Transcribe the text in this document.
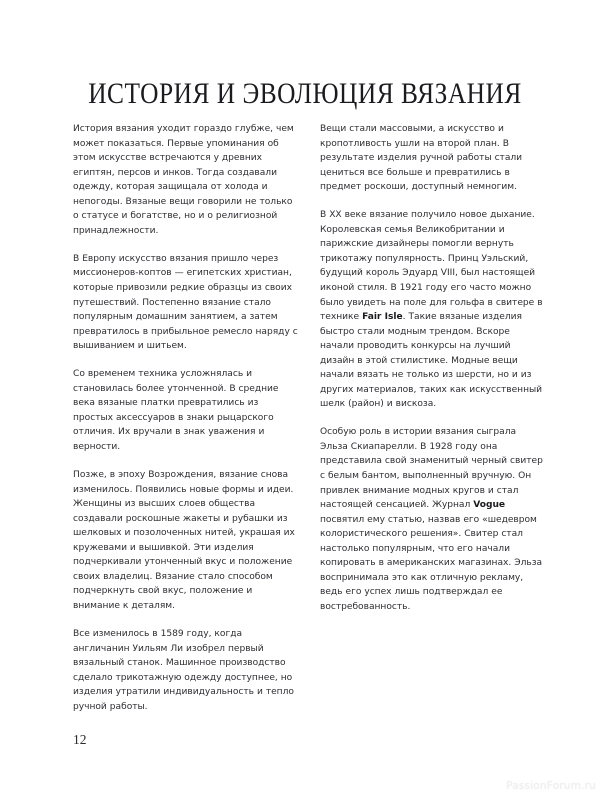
ИСТОРИЯ И ЭВОЛЮЦИЯ ВЯЗАНИЯ

История вязания уходит гораздо глубже, чем может показаться. Первые упоминания об этом искусстве встречаются у древних египтян, персов и инков. Тогда создавали одежду, которая защищала от холода и непогоды. Вязаные вещи говорили не только о статусе и богатстве, но и о религиозной принадлежности.

В Европу искусство вязания пришло через миссионеров-коптов — египетских христиан, которые привозили редкие образцы из своих путешествий. Постепенно вязание стало популярным домашним занятием, а затем превратилось в прибыльное ремесло наряду с вышиванием и шитьем.

Со временем техника усложнялась и становилась более утонченной. В средние века вязаные платки превратились из простых аксессуаров в знаки рыцарского отличия. Их вручали в знак уважения и верности.

Позже, в эпоху Возрождения, вязание снова изменилось. Появились новые формы и идеи. Женщины из высших слоев общества создавали роскошные жакеты и рубашки из шелковых и позолоченных нитей, украшая их кружевами и вышивкой. Эти изделия подчеркивали утонченный вкус и положение своих владелиц. Вязание стало способом подчеркнуть свой вкус, положение и внимание к деталям.

Все изменилось в 1589 году, когда англичанин Уильям Ли изобрел первый вязальный станок. Машинное производство сделало трикотажную одежду доступнее, но изделия утратили индивидуальность и тепло ручной работы.

Вещи стали массовыми, а искусство и кропотливость ушли на второй план. В результате изделия ручной работы стали цениться все больше и превратились в предмет роскоши, доступный немногим.

В XX веке вязание получило новое дыхание. Королевская семья Великобритании и парижские дизайнеры помогли вернуть трикотажу популярность. Принц Уэльский, будущий король Эдуард VIII, был настоящей иконой стиля. В 1921 году его часто можно было увидеть на поле для гольфа в свитере в технике Fair Isle. Такие вязаные изделия быстро стали модным трендом. Вскоре начали проводить конкурсы на лучший дизайн в этой стилистике. Модные вещи начали вязать не только из шерсти, но и из других материалов, таких как искусственный шелк (район) и вискоза.

Особую роль в истории вязания сыграла Эльза Скиапарелли. В 1928 году она представила свой знаменитый черный свитер с белым бантом, выполненный вручную. Он привлек внимание модных кругов и стал настоящей сенсацией. Журнал Vogue посвятил ему статью, назвав его «шедевром колористического решения». Свитер стал настолько популярным, что его начали копировать в американских магазинах. Эльза воспринимала это как отличную рекламу, ведь его успех лишь подтверждал ее востребованность.

12
PassionForum.ru
